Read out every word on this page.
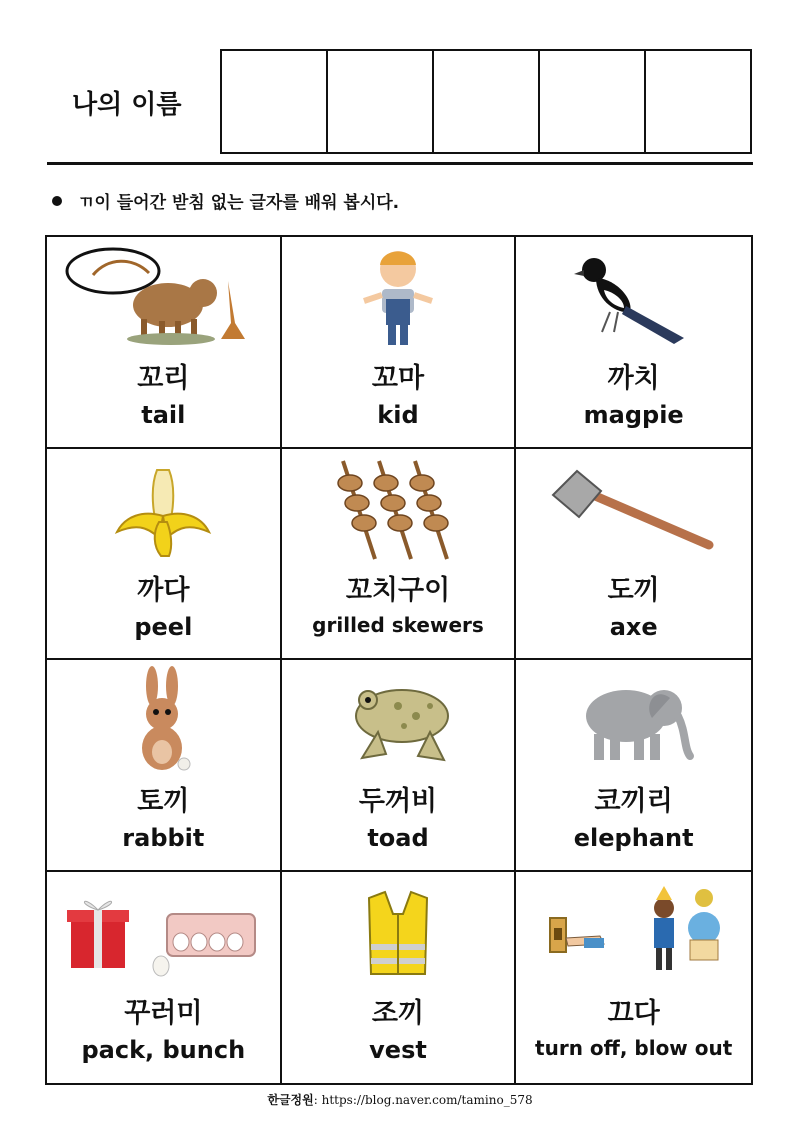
나의 이름
ㄲ이 들어간 받침 없는 글자를 배워 봅시다.
꼬리
tail
꼬마
kid
까치
magpie
까다
peel
꼬치구이
grilled skewers
도끼
axe
토끼
rabbit
두꺼비
toad
코끼리
elephant
꾸러미
pack, bunch
조끼
vest
끄다
turn off, blow out
한글정원: https://blog.naver.com/tamino_578
